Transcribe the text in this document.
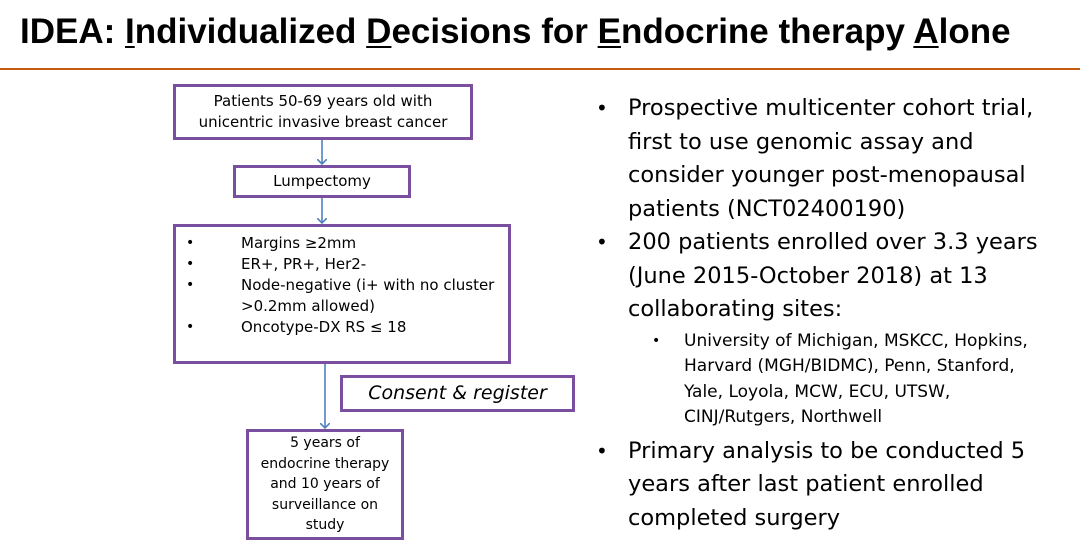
IDEA: Individualized Decisions for Endocrine therapy Alone
Patients 50-69 years old with
unicentric invasive breast cancer
Lumpectomy
•	Margins ≥2mm
•	ER+, PR+, Her2-
•	Node-negative (i+ with no cluster
>0.2mm allowed)
•	Oncotype-DX RS ≤ 18
Consent & register
5 years of
endocrine therapy
and 10 years of
surveillance on
study
• Prospective multicenter cohort trial,
first to use genomic assay and
consider younger post-menopausal
patients (NCT02400190)
• 200 patients enrolled over 3.3 years
(June 2015-October 2018) at 13
collaborating sites:
• University of Michigan, MSKCC, Hopkins,
Harvard (MGH/BIDMC), Penn, Stanford,
Yale, Loyola, MCW, ECU, UTSW,
CINJ/Rutgers, Northwell
• Primary analysis to be conducted 5
years after last patient enrolled
completed surgery
